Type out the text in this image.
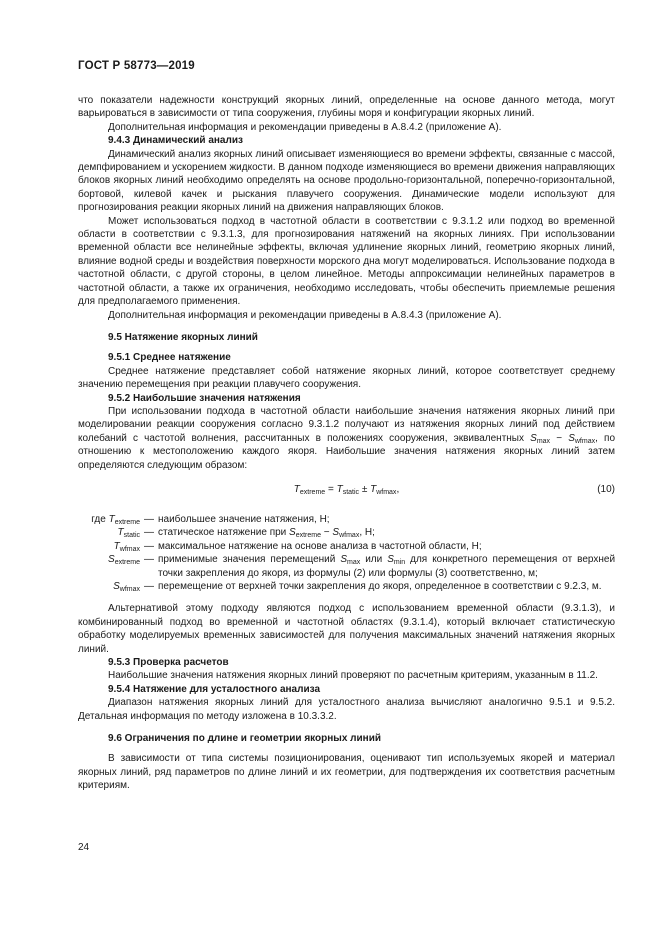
ГОСТ Р 58773—2019

что показатели надежности конструкций якорных линий, определенные на основе данного метода, могут варьироваться в зависимости от типа сооружения, глубины моря и конфигурации якорных линий.

Дополнительная информация и рекомендации приведены в А.8.4.2 (приложение А).

9.4.3 Динамический анализ

Динамический анализ якорных линий описывает изменяющиеся во времени эффекты, связанные с массой, демпфированием и ускорением жидкости. В данном подходе изменяющиеся во времени движения направляющих блоков якорных линий необходимо определять на основе продольно-горизонтальной, поперечно-горизонтальной, бортовой, килевой качек и рыскания плавучего сооружения. Динамические модели используют для прогнозирования реакции якорных линий на движения направляющих блоков.

Может использоваться подход в частотной области в соответствии с 9.3.1.2 или подход во временной области в соответствии с 9.3.1.3, для прогнозирования натяжений на якорных линиях. При использовании временной области все нелинейные эффекты, включая удлинение якорных линий, геометрию якорных линий, влияние водной среды и воздействия поверхности морского дна могут моделироваться. Использование подхода в частотной области, с другой стороны, в целом линейное. Методы аппроксимации нелинейных параметров в частотной области, а также их ограничения, необходимо исследовать, чтобы обеспечить приемлемые решения для предполагаемого применения.

Дополнительная информация и рекомендации приведены в А.8.4.3 (приложение А).

9.5 Натяжение якорных линий

9.5.1 Среднее натяжение

Среднее натяжение представляет собой натяжение якорных линий, которое соответствует среднему значению перемещения при реакции плавучего сооружения.

9.5.2 Наибольшие значения натяжения

При использовании подхода в частотной области наибольшие значения натяжения якорных линий при моделировании реакции сооружения согласно 9.3.1.2 получают из натяжения якорных линий под действием колебаний с частотой волнения, рассчитанных в положениях сооружения, эквивалентных $S_{max} - S_{wfmax}$, по отношению к местоположению каждого якоря. Наибольшие значения натяжения якорных линий затем определяются следующим образом:

$T_{extreme} = T_{static} \pm T_{wfmax}$,	(10)
где $T_{extreme}$ — наибольшее значение натяжения, Н;
$T_{static}$ — статическое натяжение при $S_{extreme} - S_{wfmax}$, Н;
$T_{wfmax}$ — максимальное натяжение на основе анализа в частотной области, Н;
$S_{extreme}$ — применимые значения перемещений $S_{max}$ или $S_{min}$ для конкретного перемещения от верхней точки закрепления до якоря, из формулы (2) или формулы (3) соответственно, м;
$S_{wfmax}$ — перемещение от верхней точки закрепления до якоря, определенное в соответствии с 9.2.3, м.

Альтернативой этому подходу являются подход с использованием временной области (9.3.1.3), и комбинированный подход во временной и частотной областях (9.3.1.4), который включает статистическую обработку моделируемых временных зависимостей для получения максимальных значений натяжения якорных линий.

9.5.3 Проверка расчетов

Наибольшие значения натяжения якорных линий проверяют по расчетным критериям, указанным в 11.2.

9.5.4 Натяжение для усталостного анализа

Диапазон натяжения якорных линий для усталостного анализа вычисляют аналогично 9.5.1 и 9.5.2. Детальная информация по методу изложена в 10.3.3.2.

9.6 Ограничения по длине и геометрии якорных линий

В зависимости от типа системы позиционирования, оценивают тип используемых якорей и материал якорных линий, ряд параметров по длине линий и их геометрии, для подтверждения их соответствия расчетным критериям.

24
